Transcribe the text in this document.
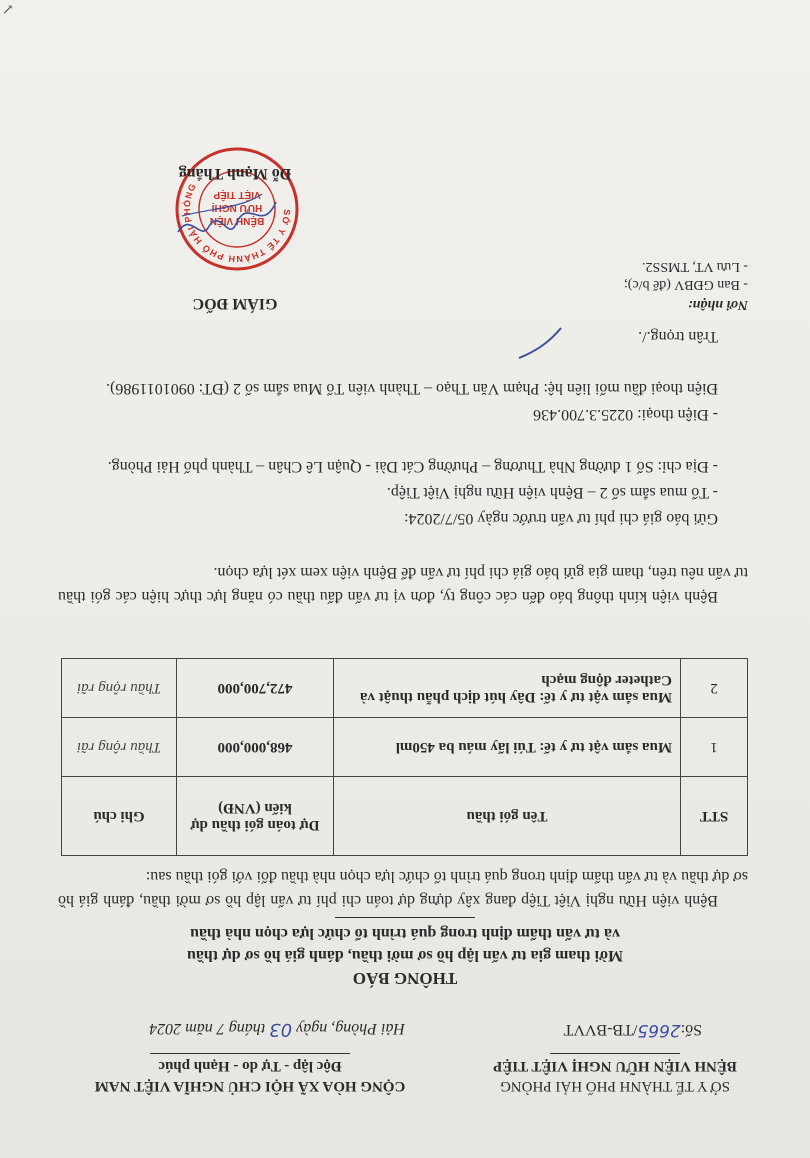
↗
SỞ Y TẾ THÀNH PHỐ HẢI PHÒNG
BỆNH VIỆN HỮU NGHỊ VIỆT TIỆP
CỘNG HÒA XÃ HỘI CHỦ NGHĨA VIỆT NAM
Độc lập - Tự do - Hạnh phúc
Số:2665/TB-BVVT
Hải Phòng, ngày 03 tháng 7 năm 2024
THÔNG BÁO
Mời tham gia tư vấn lập hồ sơ mời thầu, đánh giá hồ sơ dự thầu
và tư vấn thẩm định trong quá trình tổ chức lựa chọn nhà thầu
Bệnh viện Hữu nghị Việt Tiệp đang xây dựng dự toán chi phí tư vấn lập hồ sơ mời thầu, đánh giá hồ sơ dự thầu và tư vấn thẩm định trong quá trình tổ chức lựa chọn nhà thầu đối với gói thầu sau:
STT	Tên gói thầu	Dự toán gói thầu dự kiến (VNĐ)	Ghi chú
1	Mua sắm vật tư y tế: Túi lấy máu ba 450ml	468,000,000	Thầu rộng rãi
2	Mua sắm vật tư y tế: Dây hút dịch phẫu thuật và Catheter động mạch	472,700,000	Thầu rộng rãi
Bệnh viện kính thông báo đến các công ty, đơn vị tư vấn đấu thầu có năng lực thực hiện các gói thầu tư vấn nêu trên, tham gia gửi báo giá chi phí tư vấn để Bệnh viện xem xét lựa chọn.
Gửi báo giá chi phí tư vấn trước ngày 05/7/2024:
- Tổ mua sắm số 2 – Bệnh viện Hữu nghị Việt Tiệp.
- Địa chỉ: Số 1 đường Nhà Thương – Phường Cát Dài - Quận Lê Chân – Thành phố Hải Phòng.
- Điện thoại: 0225.3.700.436
Điện thoại đầu mối liên hệ: Phạm Văn Thạo – Thành viên Tổ Mua sắm số 2 (ĐT: 0901011986).
Trân trọng./.
Nơi nhận:
- Ban GĐBV (để b/c);
- Lưu VT, TMSS2.
GIÁM ĐỐC
SỞ Y TẾ THÀNH PHỐ HẢI PHÒNG
BỆNH VIỆN
HỮU NGHỊ
VIỆT TIỆP
Đỗ Mạnh Thắng
